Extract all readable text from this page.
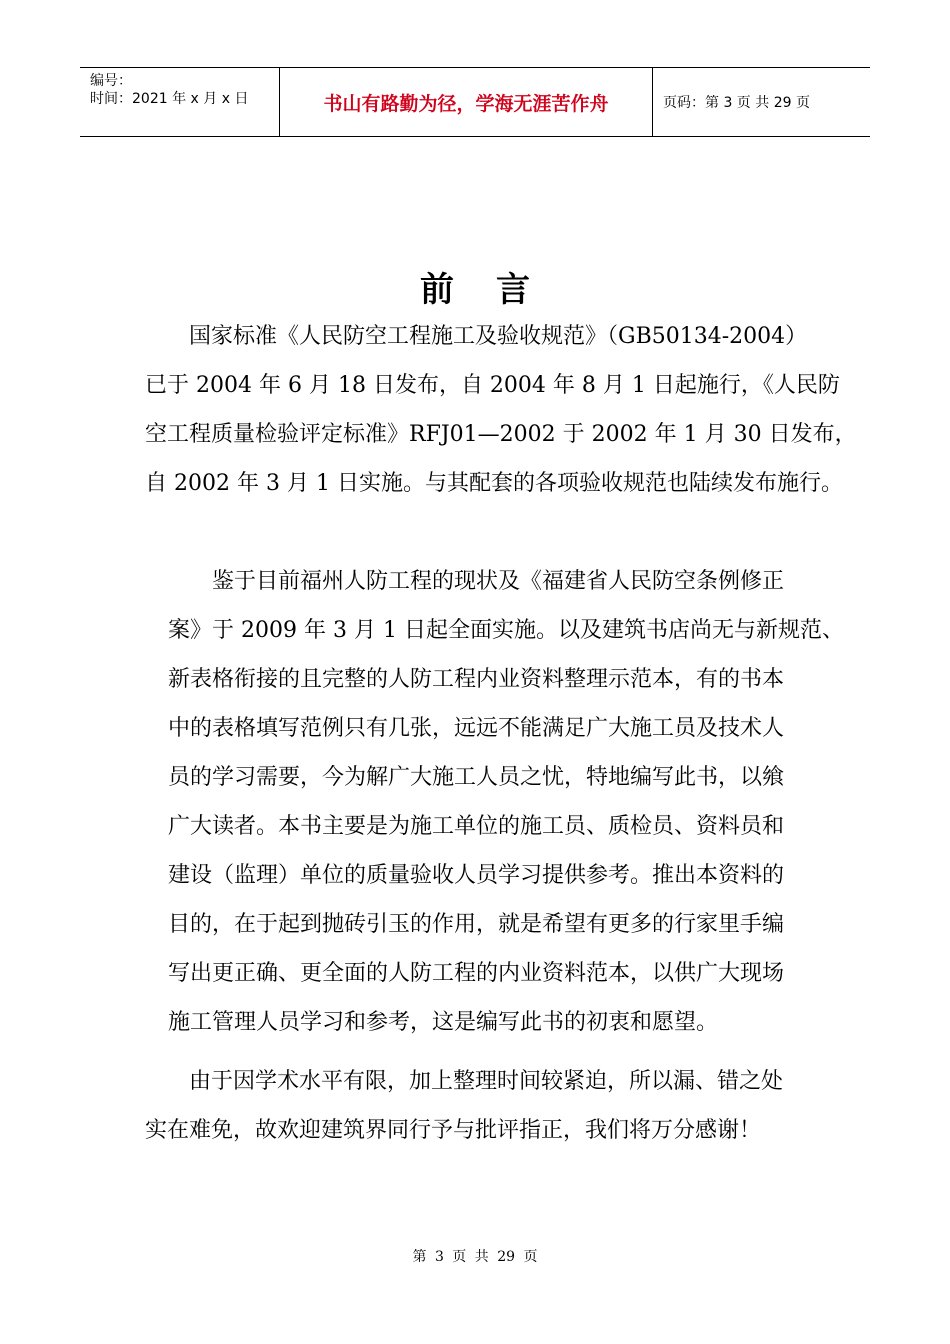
编号：
时间：2021 年 x 月 x 日	书山有路勤为径，学海无涯苦作舟	页码：第 3 页 共 29 页
前言
国家标准《人民防空工程施工及验收规范》（GB50134-2004）
已于 2004 年 6 月 18 日发布，自 2004 年 8 月 1 日起施行，《人民防
空工程质量检验评定标准》RFJ01—2002 于 2002 年 1 月 30 日发布，
自 2002 年 3 月 1 日实施。与其配套的各项验收规范也陆续发布施行。
鉴于目前福州人防工程的现状及《福建省人民防空条例修正
案》于 2009 年 3 月 1 日起全面实施。以及建筑书店尚无与新规范、
新表格衔接的且完整的人防工程内业资料整理示范本，有的书本
中的表格填写范例只有几张，远远不能满足广大施工员及技术人
员的学习需要，今为解广大施工人员之忧，特地编写此书，以飨
广大读者。本书主要是为施工单位的施工员、质检员、资料员和
建设（监理）单位的质量验收人员学习提供参考。推出本资料的
目的，在于起到抛砖引玉的作用，就是希望有更多的行家里手编
写出更正确、更全面的人防工程的内业资料范本，以供广大现场
施工管理人员学习和参考，这是编写此书的初衷和愿望。
由于因学术水平有限，加上整理时间较紧迫，所以漏、错之处
实在难免，故欢迎建筑界同行予与批评指正，我们将万分感谢！
第 3 页 共 29 页
